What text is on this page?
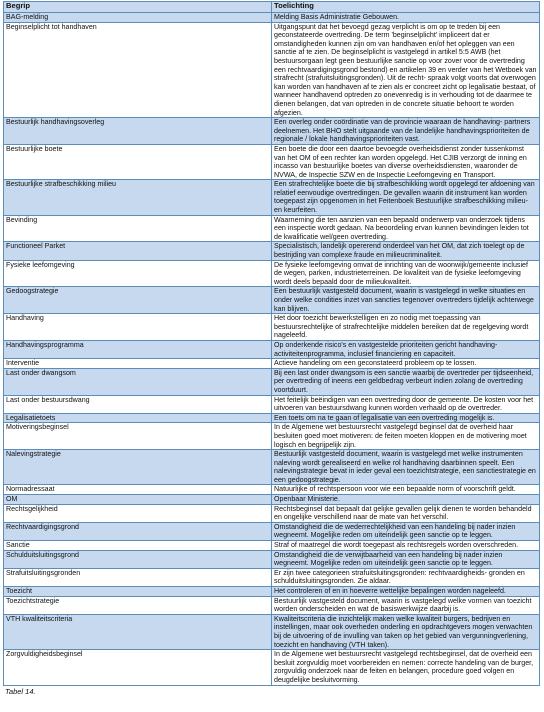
Begrip	Toelichting
BAG-melding	Melding Basis Administratie Gebouwen.
Beginselplicht tot handhaven	Uitgangspunt dat het bevoegd gezag verplicht is om op te treden bij een geconstateerde overtreding. De term 'beginselplicht' impliceert dat er omstandigheden kunnen zijn om van handhaven en/of het opleggen van een sanctie af te zien. De beginselplicht is vastgelegd in artikel 5:5 AWB (het bestuursorgaan legt geen bestuurlijke sanctie op voor zover voor de overtreding een rechtvaardigingsgrond bestond) en artikelen 39 en verder van het Wetboek van strafrecht (strafuitsluitingsgronden). Uit de recht- spraak volgt voorts dat overwogen kan worden van handhaven af te zien als er concreet zicht op legalisatie bestaat, of wanneer handhavend optreden zo onevenredig is in verhouding tot de daarmee te dienen belangen, dat van optreden in de concrete situatie behoort te worden afgezien.
Bestuurlijk handhavingsoverleg	Een overleg onder coördinatie van de provincie waaraan de handhaving- partners deelnemen. Het BHO stelt uitgaande van de landelijke handhavingsprioriteiten de regionale / lokale handhavingsprioriteiten vast.
Bestuurlijke boete	Een boete die door een daartoe bevoegde overheidsdienst zonder tussenkomst van het OM of een rechter kan worden opgelegd. Het CJIB verzorgt de inning en incasso van bestuurlijke boetes van diverse overheidsdiensten, waaronder de NVWA, de Inspectie SZW en de Inspectie Leefomgeving en Transport.
Bestuurlijke strafbeschikking milieu	Een strafrechtelijke boete die bij strafbeschikking wordt opgelegd ter afdoening van relatief eenvoudige overtredingen. De gevallen waarin dit instrument kan worden toegepast zijn opgenomen in het Feitenboek Bestuurlijke strafbeschikking milieu- en keurfeiten.
Bevinding	Waarneming die ten aanzien van een bepaald onderwerp van onderzoek tijdens een inspectie wordt gedaan. Na beoordeling ervan kunnen bevindingen leiden tot de kwalificatie wel/geen overtreding.
Functioneel Parket	Specialistisch, landelijk opererend onderdeel van het OM, dat zich toelegt op de bestrijding van complexe fraude en milieucriminaliteit.
Fysieke leefomgeving	De fysieke leefomgeving omvat de inrichting van de woonwijk/gemeente inclusief de wegen, parken, industrieterreinen. De kwaliteit van de fysieke leefomgeving wordt deels bepaald door de milieukwaliteit.
Gedoogstrategie	Een bestuurlijk vastgesteld document, waarin is vastgelegd in welke situaties en onder welke condities inzet van sancties tegenover overtreders tijdelijk achterwege kan blijven.
Handhaving	Het door toezicht bewerkstelligen en zo nodig met toepassing van bestuursrechtelijke of strafrechtelijke middelen bereiken dat de regelgeving wordt nageleefd.
Handhavingsprogramma	Op onderkende risico's en vastgestelde prioriteiten gericht handhaving- activiteitenprogramma, inclusief financiering en capaciteit.
Interventie	Actieve handeling om een geconstateerd probleem op te lossen.
Last onder dwangsom	Bij een last onder dwangsom is een sanctie waarbij de overtreder per tijdseenheid, per overtreding of ineens een geldbedrag verbeurt indien zolang de overtreding voortduurt.
Last onder bestuursdwang	Het feitelijk beëindigen van een overtreding door de gemeente. De kosten voor het uitvoeren van bestuursdwang kunnen worden verhaald op de overtreder.
Legalisatietoets	Een toets om na te gaan of legalisatie van een overtreding mogelijk is.
Motiveringsbeginsel	In de Algemene wet bestuursrecht vastgelegd beginsel dat de overheid haar besluiten goed moet motiveren: de feiten moeten kloppen en de motivering moet logisch en begrijpelijk zijn.
Nalevingstrategie	Bestuurlijk vastgesteld document, waarin is vastgelegd met welke instrumenten naleving wordt gerealiseerd en welke rol handhaving daarbinnen speelt. Een nalevingstrategie bevat in ieder geval een toezichtstrategie, een sanctiestrategie en een gedoogstrategie.
Normadressaat	Natuurlijke of rechtspersoon voor wie een bepaalde norm of voorschrift geldt.
OM	Openbaar Ministerie.
Rechtsgelijkheid	Rechtsbeginsel dat bepaalt dat gelijke gevallen gelijk dienen te worden behandeld en ongelijke verschillend naar de mate van het verschil.
Rechtvaardigingsgrond	Omstandigheid die de wederrechtelijkheid van een handeling bij nader inzien wegneemt. Mogelijke reden om uiteindelijk geen sanctie op te leggen.
Sanctie	Straf of maatregel die wordt toegepast als rechtsregels worden overschreden.
Schulduitsluitingsgrond	Omstandigheid die de verwijtbaarheid van een handeling bij nader inzien wegneemt. Mogelijke reden om uiteindelijk geen sanctie op te leggen.
Strafuitsluitingsgronden	Er zijn twee categorieen strafuitsluitingsgronden: rechtvaardigheids- gronden en schulduitsluitingsgronden. Zie aldaar.
Toezicht	Het controleren of en in hoeverre wettelijke bepalingen worden nageleefd.
Toezichtstrategie	Bestuurlijk vastgesteld document, waarin is vastgelegd welke vormen van toezicht worden onderscheiden en wat de basiswerkwijze daarbij is.
VTH kwaliteitscriteria	Kwaliteitscriteria die inzichtelijk maken welke kwaliteit burgers, bedrijven en instellingen, maar ook overheden onderling en opdrachtgevers mogen verwachten bij de uitvoering of de invulling van taken op het gebied van vergunningverlening, toezicht en handhaving (VTH taken).
Zorgvuldigheidsbeginsel	In de Algemene wet bestuursrecht vastgelegd rechtsbeginsel, dat de overheid een besluit zorgvuldig moet voorbereiden en nemen: correcte handeling van de burger, zorgvuldig onderzoek naar de feiten en belangen, procedure goed volgen en deugdelijke besluitvorming.
Tabel 14.
